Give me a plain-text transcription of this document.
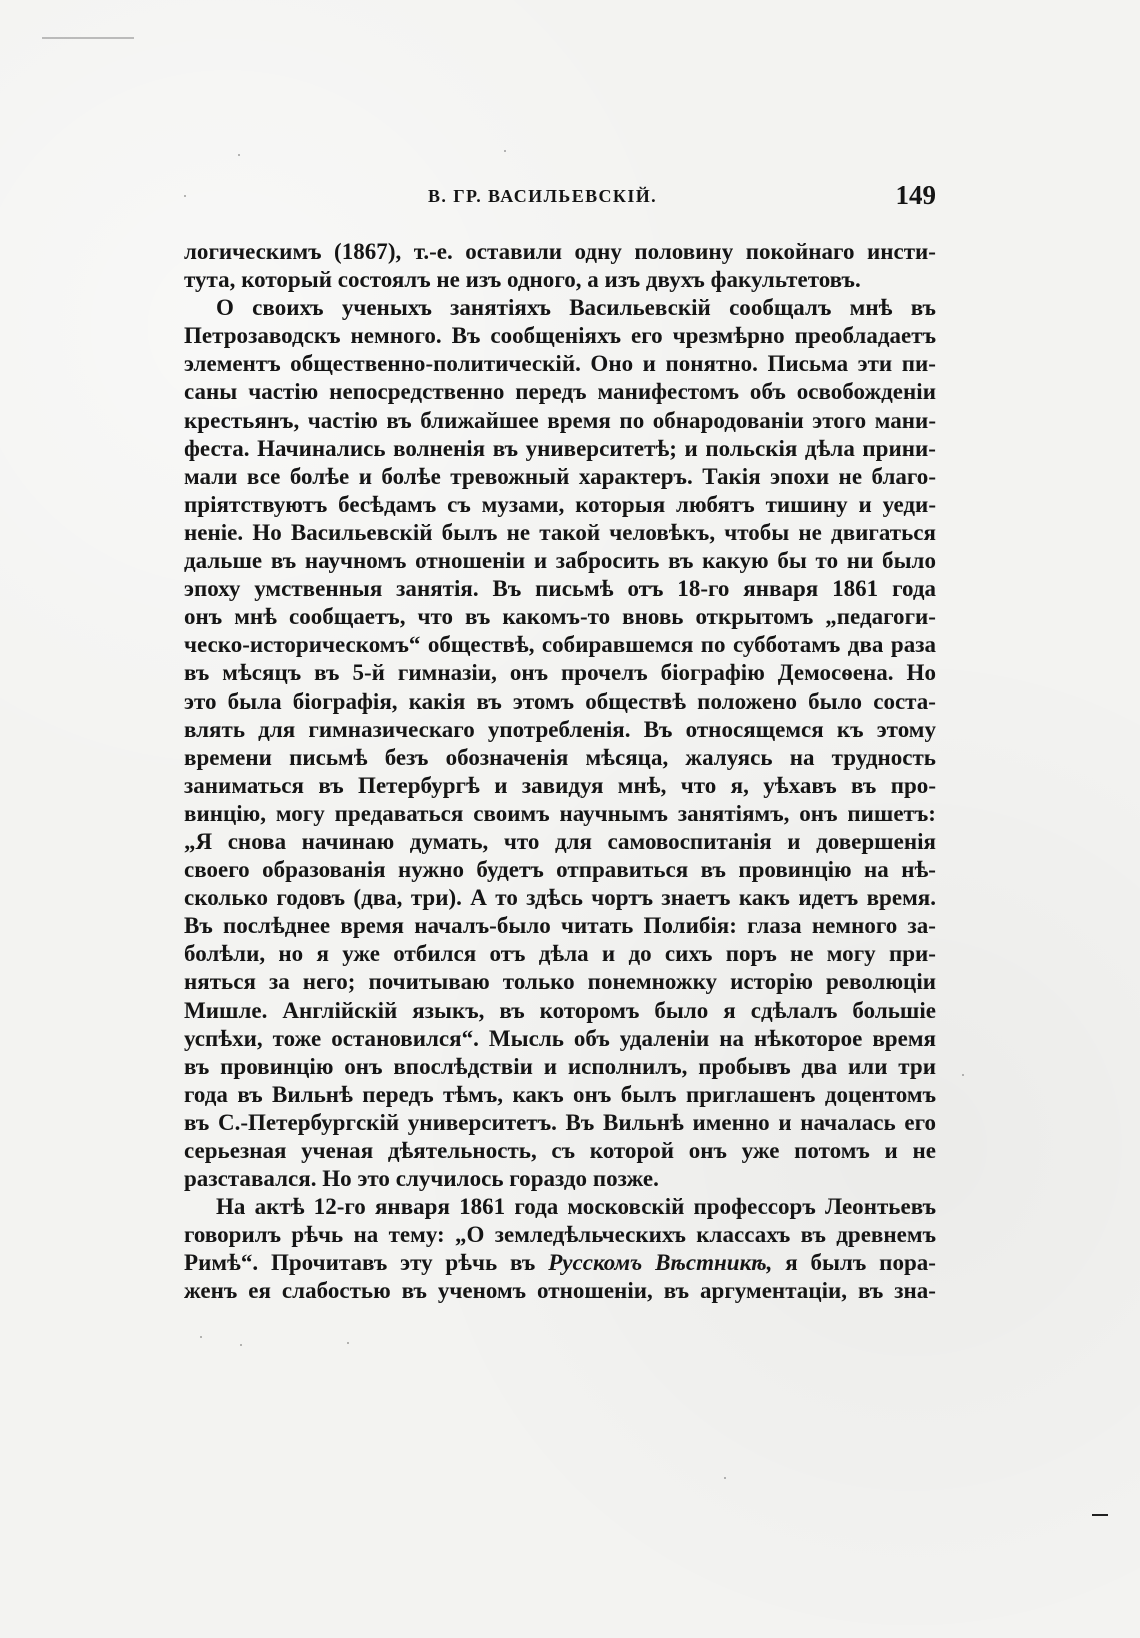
В. ГР. ВАСИЛЬЕВСКІЙ.	149
логическимъ (1867), т.-е. оставили одну половину покойнаго инсти-
тута, который состоялъ не изъ одного, а изъ двухъ факультетовъ.
О своихъ ученыхъ занятіяхъ Васильевскій сообщалъ мнѣ въ
Петрозаводскъ немного. Въ сообщеніяхъ его чрезмѣрно преобладаетъ
элементъ общественно-политическій. Оно и понятно. Письма эти пи-
саны частію непосредственно передъ манифестомъ объ освобожденіи
крестьянъ, частію въ ближайшее время по обнародованіи этого мани-
феста. Начинались волненія въ университетѣ; и польскія дѣла прини-
мали все болѣе и болѣе тревожный характеръ. Такія эпохи не благо-
пріятствуютъ бесѣдамъ съ музами, которыя любятъ тишину и уеди-
неніе. Но Васильевскій былъ не такой человѣкъ, чтобы не двигаться
дальше въ научномъ отношеніи и забросить въ какую бы то ни было
эпоху умственныя занятія. Въ письмѣ отъ 18-го января 1861 года
онъ мнѣ сообщаетъ, что въ какомъ-то вновь открытомъ „педагоги-
ческо-историческомъ“ обществѣ, собиравшемся по субботамъ два раза
въ мѣсяцъ въ 5-й гимназіи, онъ прочелъ біографію Демосѳена. Но
это была біографія, какія въ этомъ обществѣ положено было соста-
влять для гимназическаго употребленія. Въ относящемся къ этому
времени письмѣ безъ обозначенія мѣсяца, жалуясь на трудность
заниматься въ Петербургѣ и завидуя мнѣ, что я, уѣхавъ въ про-
винцію, могу предаваться своимъ научнымъ занятіямъ, онъ пишетъ:
„Я снова начинаю думать, что для самовоспитанія и довершенія
своего образованія нужно будетъ отправиться въ провинцію на нѣ-
сколько годовъ (два, три). А то здѣсь чортъ знаетъ какъ идетъ время.
Въ послѣднее время началъ-было читать Полибія: глаза немного за-
болѣли, но я уже отбился отъ дѣла и до сихъ поръ не могу при-
няться за него; почитываю только понемножку исторію революціи
Мишле. Англійскій языкъ, въ которомъ было я сдѣлалъ большіе
успѣхи, тоже остановился“. Мысль объ удаленіи на нѣкоторое время
въ провинцію онъ впослѣдствіи и исполнилъ, пробывъ два или три
года въ Вильнѣ передъ тѣмъ, какъ онъ былъ приглашенъ доцентомъ
въ С.-Петербургскій университетъ. Въ Вильнѣ именно и началась его
серьезная ученая дѣятельность, съ которой онъ уже потомъ и не
разставался. Но это случилось гораздо позже.
На актѣ 12-го января 1861 года московскій профессоръ Леонтьевъ
говорилъ рѣчь на тему: „О земледѣльческихъ классахъ въ древнемъ
Римѣ“. Прочитавъ эту рѣчь въ Русскомъ Вѣстникѣ, я былъ пора-
женъ ея слабостью въ ученомъ отношеніи, въ аргументаціи, въ зна-
